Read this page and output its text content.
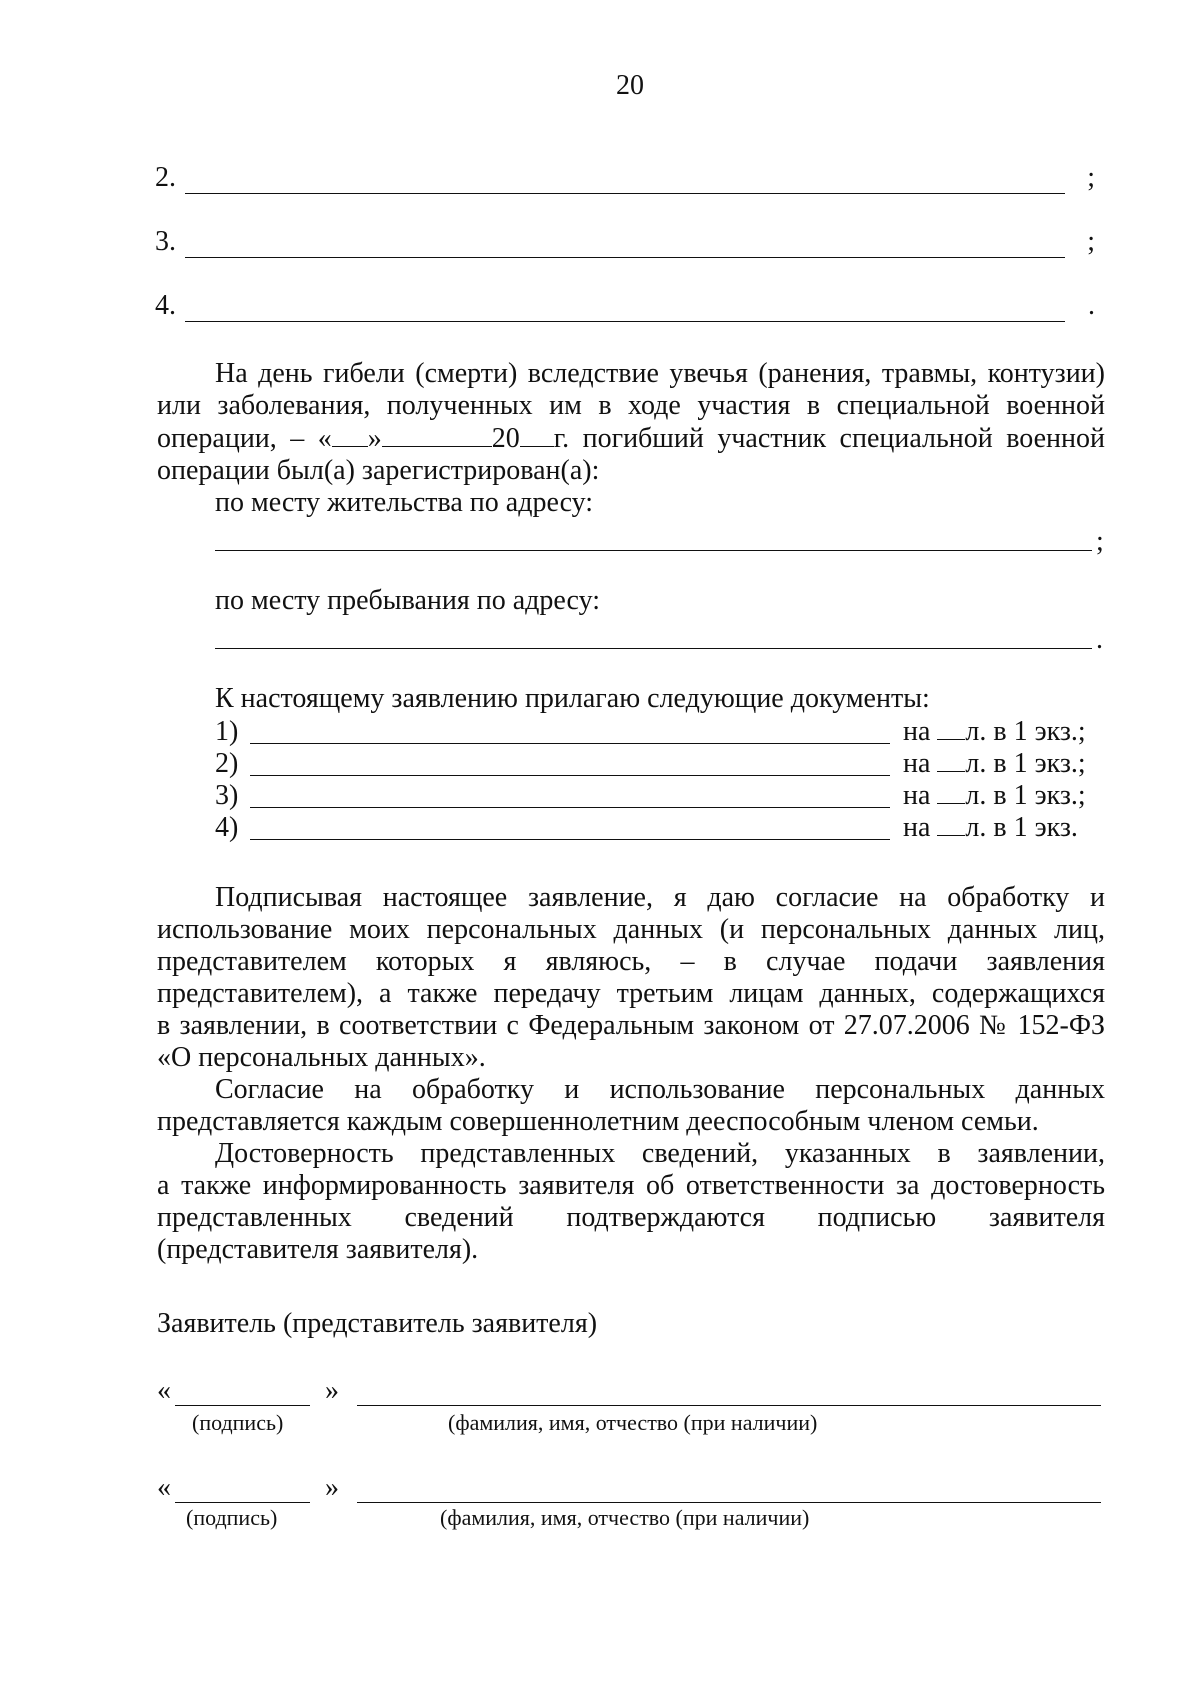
20
2.	;
3.	;
4.	.
На день гибели (смерти) вследствие увечья (ранения, травмы, контузии)
или заболевания, полученных им в ходе участия в специальной военной
операции, – « »	20 г. погибший участник специальной военной
операции был(а) зарегистрирован(а):
по месту жительства по адресу:
;
по месту пребывания по адресу:
.
К настоящему заявлению прилагаю следующие документы:
1)	на л. в 1 экз.;
2)	на л. в 1 экз.;
3)	на л. в 1 экз.;
4)	на л. в 1 экз.
Подписывая настоящее заявление, я даю согласие на обработку и
использование моих персональных данных (и персональных данных лиц,
представителем которых я являюсь, – в случае подачи заявления
представителем), а также передачу третьим лицам данных, содержащихся
в заявлении, в соответствии с Федеральным законом от 27.07.2006 № 152-ФЗ
«О персональных данных».
Согласие на обработку и использование персональных данных
представляется каждым совершеннолетним дееспособным членом семьи.
Достоверность представленных сведений, указанных в заявлении,
а также информированность заявителя об ответственности за достоверность
представленных сведений подтверждаются подписью заявителя
(представителя заявителя).
Заявитель (представитель заявителя)
«	»
(подпись)	(фамилия, имя, отчество (при наличии)
«	»
(подпись)	(фамилия, имя, отчество (при наличии)
